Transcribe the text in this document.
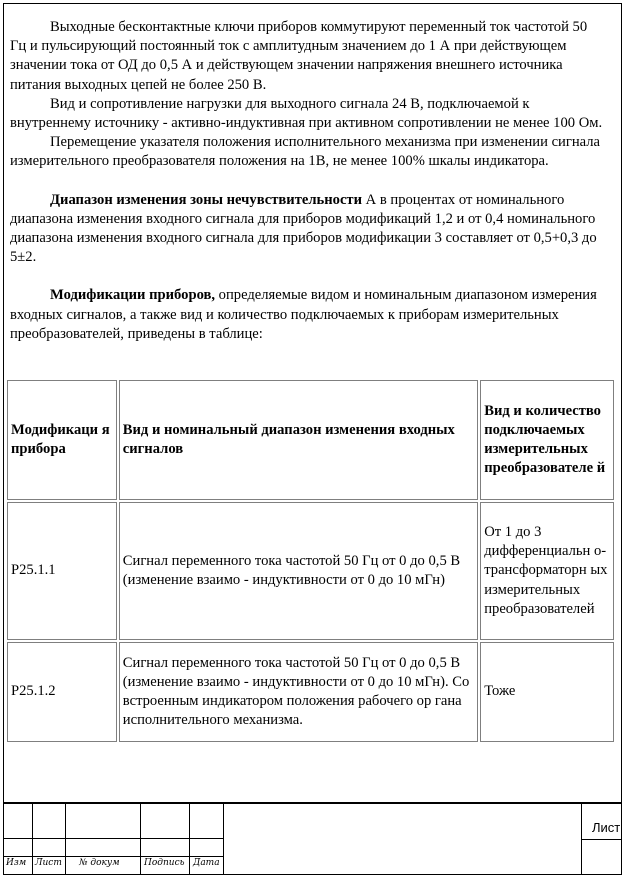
Выходные бесконтактные ключи приборов коммутируют переменный ток частотой 50 Гц и пульсирующий постоянный ток с амплитудным значением до 1 А при действующем значении тока от ОД до 0,5 А и действующем значении напряжения внешнего источника питания выходных цепей не более 250 В.

Вид и сопротивление нагрузки для выходного сигнала 24 В, подключаемой к внутреннему источнику - активно-индуктивная при активном сопротивлении не менее 100 Ом.

Перемещение указателя положения исполнительного механизма при изменении сигнала измерительного преобразователя положения на 1В, не менее 100% шкалы индикатора.

Диапазон изменения зоны нечувствительности А в процентах от номинального диапазона изменения входного сигнала для приборов модификаций 1,2 и от 0,4 номинального диапазона изменения входного сигнала для приборов модификации 3 составляет от 0,5+0,3 до 5±2.

Модификации приборов, определяемые видом и номинальным диапазоном измерения входных сигналов, а также вид и количество подключаемых к приборам измерительных преобразователей, приведены в таблице:

Модификаци я прибора	Вид и номинальный диапазон изменения входных сигналов	Вид и количество подключаемых измерительных преобразователе й
Р25.1.1	Сигнал переменного тока частотой 50 Гц от 0 до 0,5 В (изменение взаимо - индуктивности от 0 до 10 мГн)	От 1 до 3 дифференциальн о-трансформаторн ых измерительных преобразователей
Р25.1.2	Сигнал переменного тока частотой 50 Гц от 0 до 0,5 В (изменение взаимо - индуктивности от 0 до 10 мГн). Со встроенным индикатором положения рабочего ор гана исполнительного механизма.	Тоже
Изм Лист № докум	Подпись Дата
Лист
